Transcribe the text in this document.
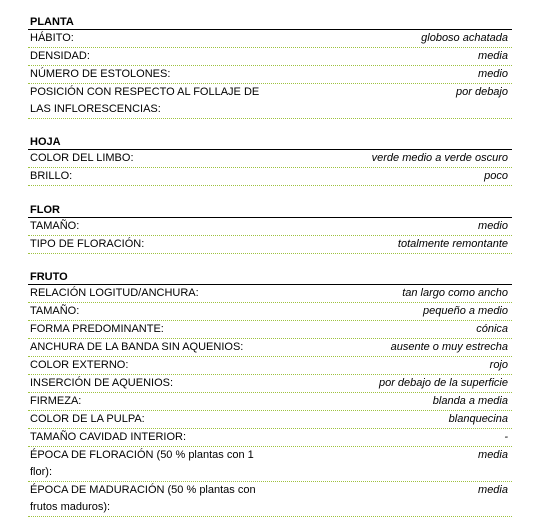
PLANTA
HÁBITO:	globoso achatada
DENSIDAD:	media
NÚMERO DE ESTOLONES:	medio
POSICIÓN CON RESPECTO AL FOLLAJE DE LAS INFLORESCENCIAS:
por debajo
HOJA
COLOR DEL LIMBO:	verde medio a verde oscuro
BRILLO:	poco
FLOR
TAMAÑO:	medio
TIPO DE FLORACIÓN:	totalmente remontante
FRUTO
RELACIÓN LOGITUD/ANCHURA:	tan largo como ancho
TAMAÑO:	pequeño a medio
FORMA PREDOMINANTE:	cónica
ANCHURA DE LA BANDA SIN AQUENIOS:	ausente o muy estrecha
COLOR EXTERNO:	rojo
INSERCIÓN DE AQUENIOS:	por debajo de la superficie
FIRMEZA:	blanda a media
COLOR DE LA PULPA:	blanquecina
TAMAÑO CAVIDAD INTERIOR:	-
ÉPOCA DE FLORACIÓN (50 % plantas con 1 flor):
media
ÉPOCA DE MADURACIÓN (50 % plantas con frutos maduros):
media
